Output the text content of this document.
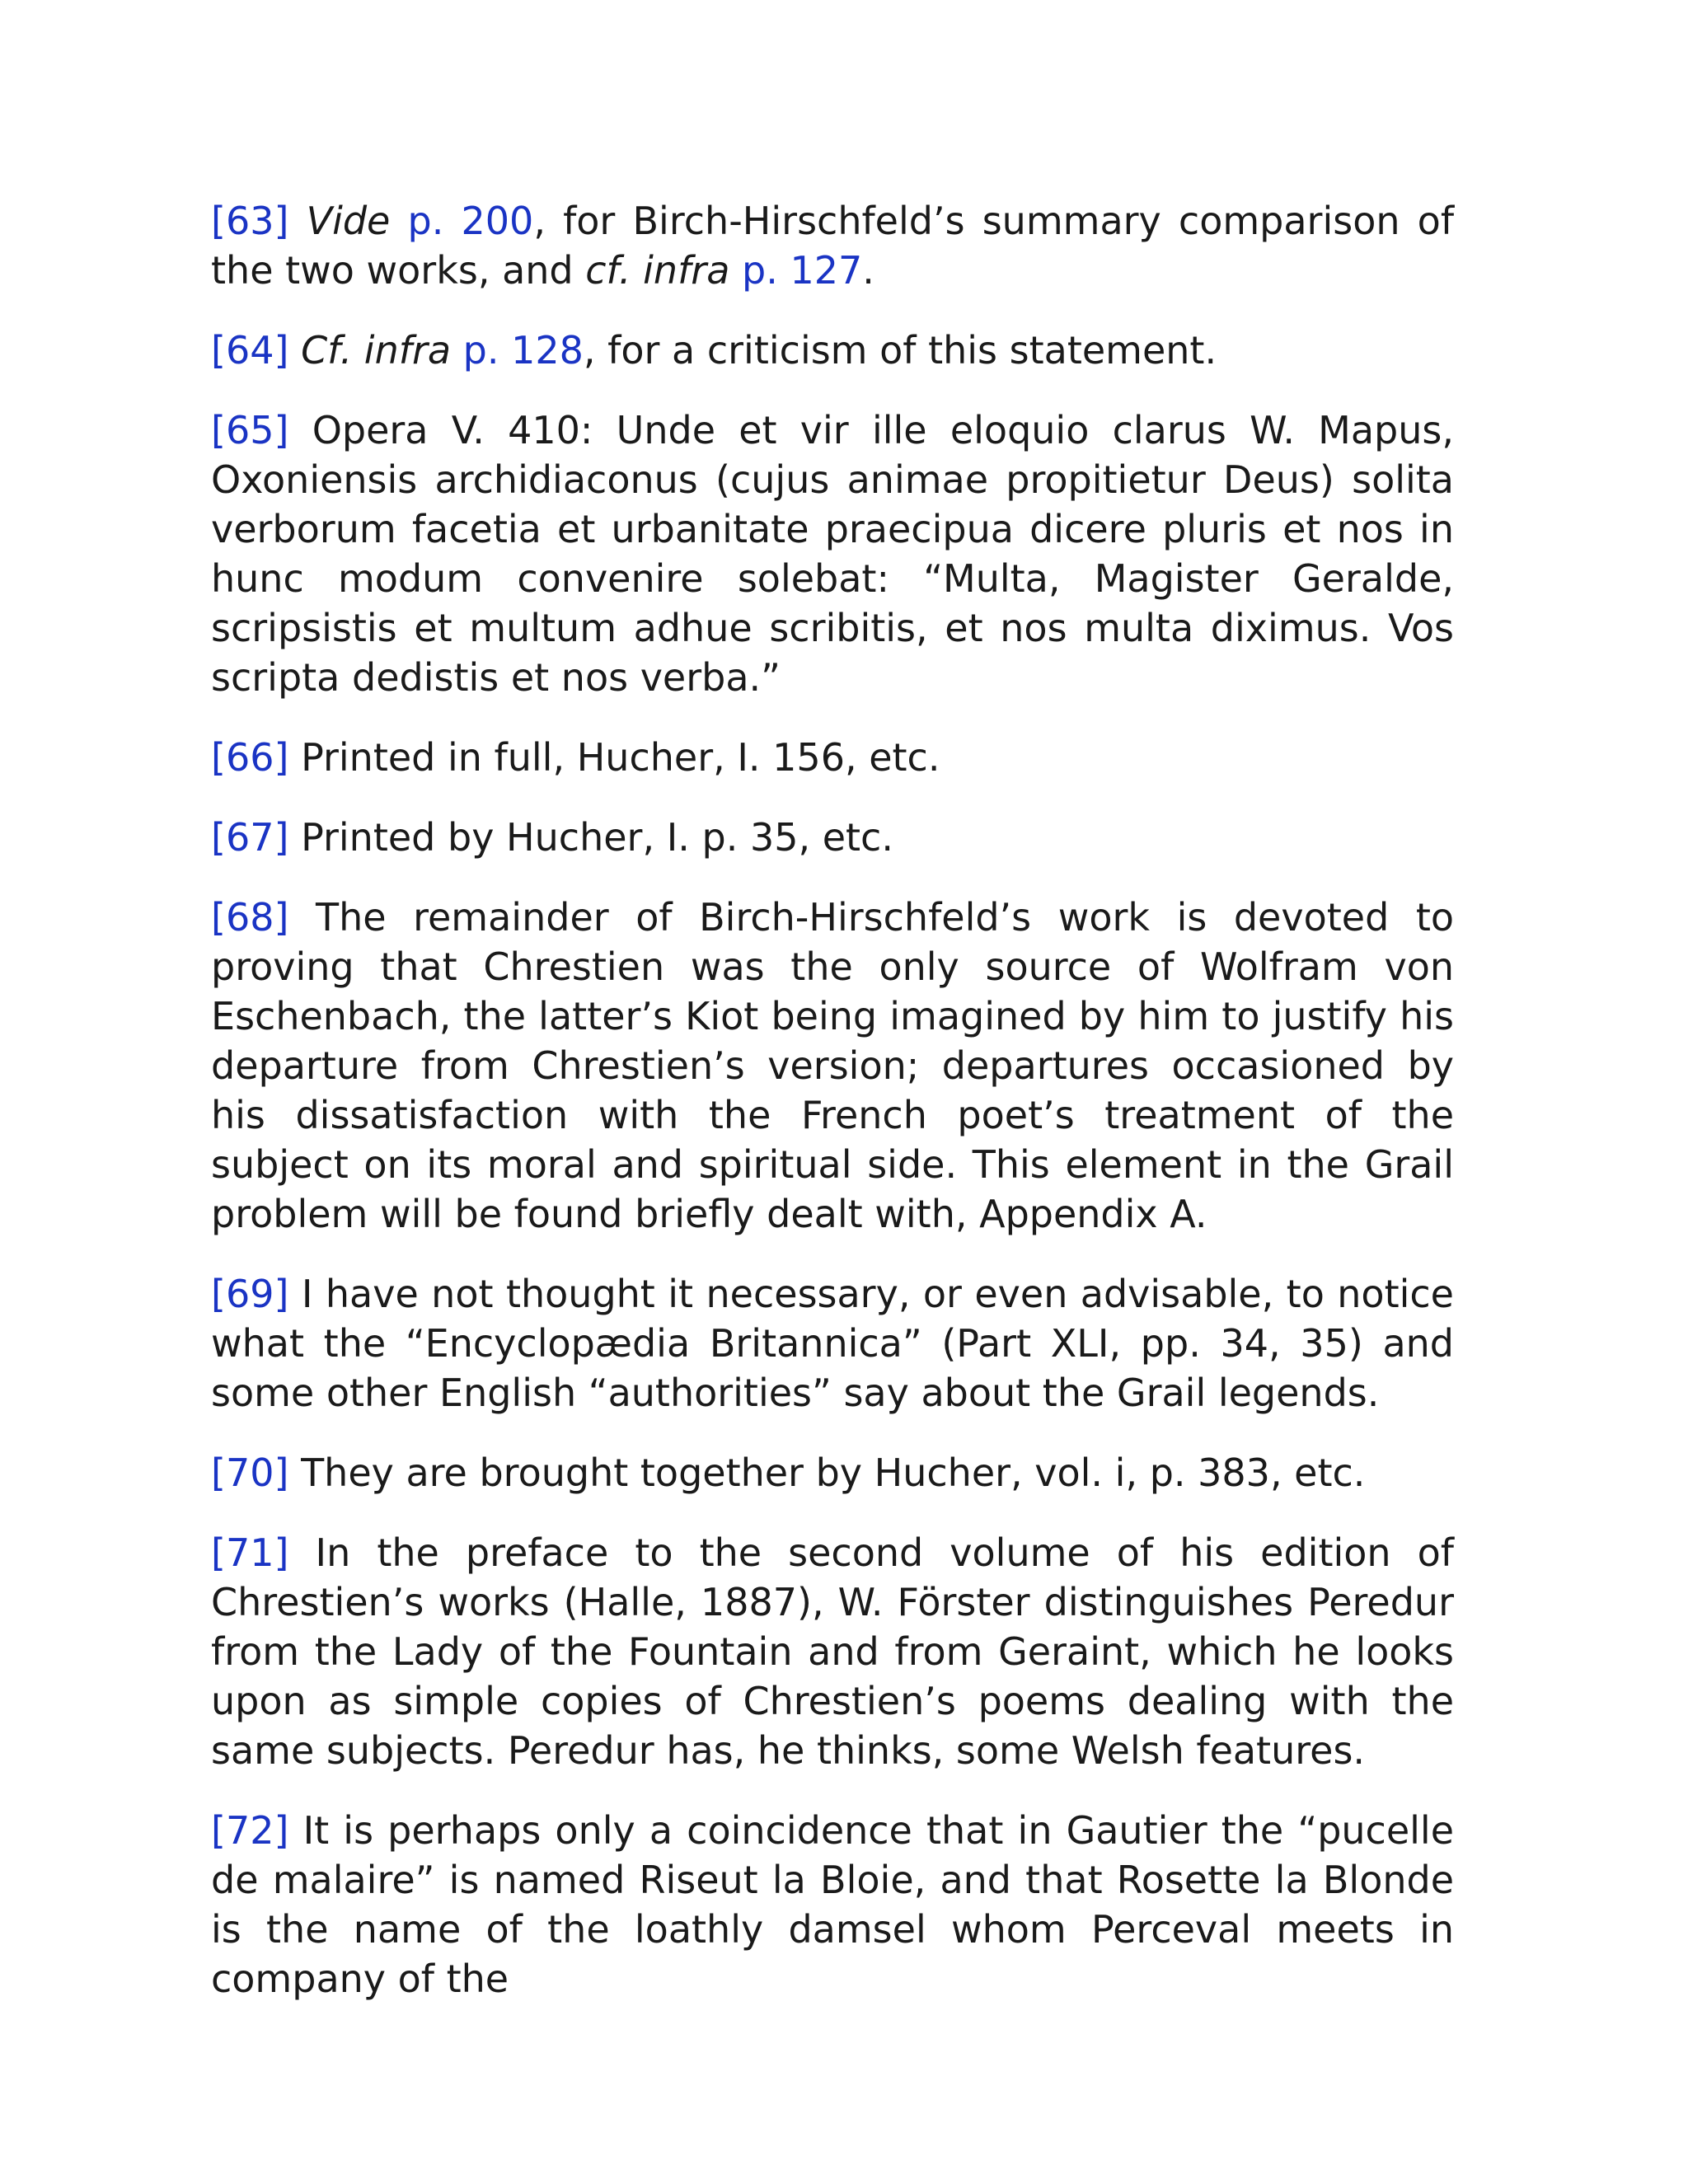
[63] Vide p. 200, for Birch-Hirschfeld’s summary comparison of the two works, and cf. infra p. 127.
[64] Cf. infra p. 128, for a criticism of this statement.
[65] Opera V. 410: Unde et vir ille eloquio clarus W. Mapus, Oxoniensis archidiaconus (cujus animae propitietur Deus) solita verborum facetia et urbanitate praecipua dicere pluris et nos in hunc modum convenire solebat: “Multa, Magister Geralde, scripsistis et multum adhue scribitis, et nos multa diximus. Vos scripta dedistis et nos verba.”
[66] Printed in full, Hucher, I. 156, etc.
[67] Printed by Hucher, I. p. 35, etc.
[68] The remainder of Birch-Hirschfeld’s work is devoted to proving that Chrestien was the only source of Wolfram von Eschenbach, the latter’s Kiot being imagined by him to justify his departure from Chrestien’s version; departures occasioned by his dissatisfaction with the French poet’s treatment of the subject on its moral and spiritual side. This element in the Grail problem will be found briefly dealt with, Appendix A.
[69] I have not thought it necessary, or even advisable, to notice what the “Encyclopædia Britannica” (Part XLI, pp. 34, 35) and some other English “authorities” say about the Grail legends.
[70] They are brought together by Hucher, vol. i, p. 383, etc.
[71] In the preface to the second volume of his edition of Chrestien’s works (Halle, 1887), W. Förster distinguishes Peredur from the Lady of the Fountain and from Geraint, which he looks upon as simple copies of Chrestien’s poems dealing with the same subjects. Peredur has, he thinks, some Welsh features.
[72] It is perhaps only a coincidence that in Gautier the “pucelle de malaire” is named Riseut la Bloie, and that Rosette la Blonde is the name of the loathly damsel whom Perceval meets in company of the
